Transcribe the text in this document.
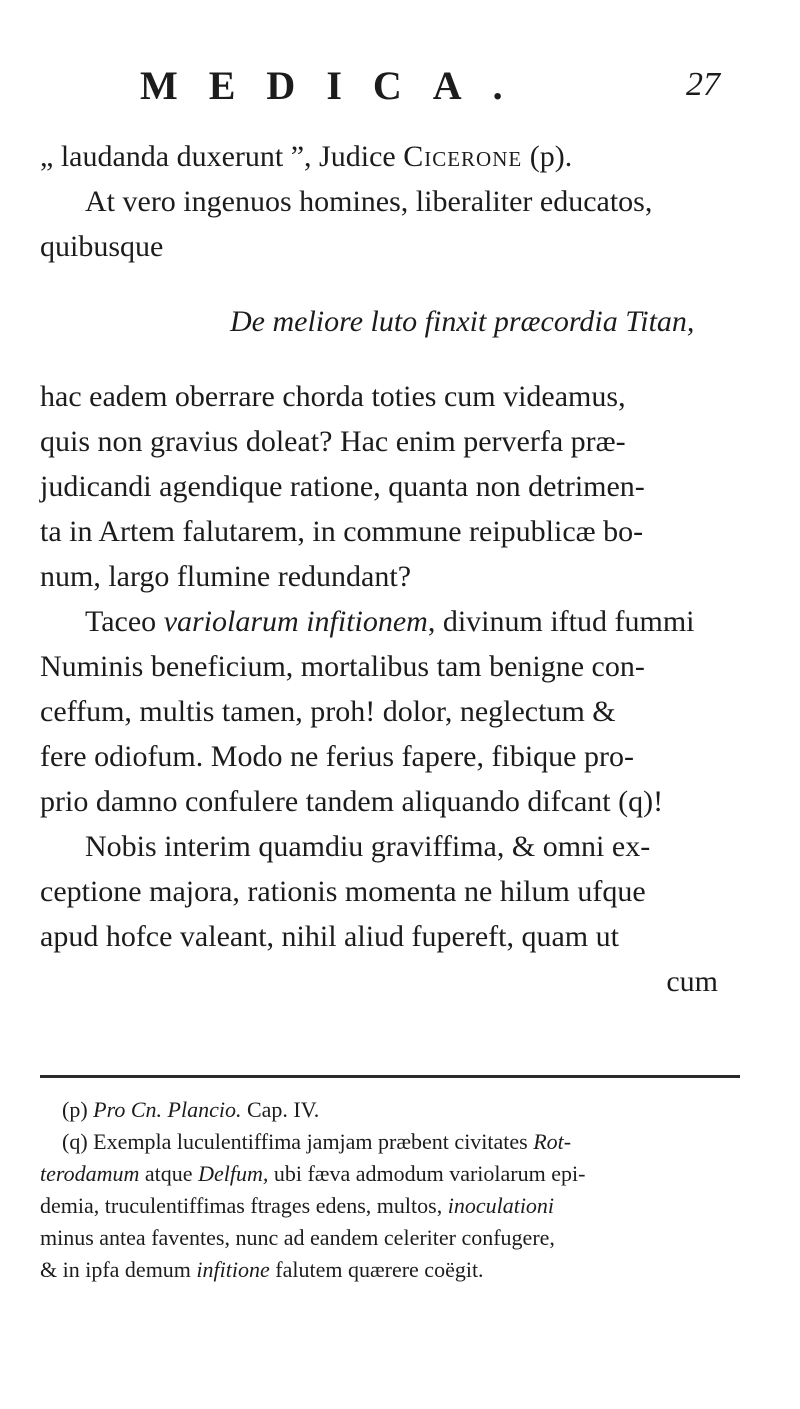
MEDICA.	27
„ laudanda duxerunt ”, Judice Cicerone (p).
At vero ingenuos homines, liberaliter educatos,
quibusque
De meliore luto finxit præcordia Titan,
hac eadem oberrare chorda toties cum videamus,
quis non gravius doleat? Hac enim perverfa præ-
judicandi agendique ratione, quanta non detrimen-
ta in Artem falutarem, in commune reipublicæ bo-
num, largo flumine redundant?
Taceo variolarum infitionem, divinum iftud fummi
Numinis beneficium, mortalibus tam benigne con-
ceffum, multis tamen, proh! dolor, neglectum &
fere odiofum. Modo ne ferius fapere, fibique pro-
prio damno confulere tandem aliquando difcant (q)!
Nobis interim quamdiu graviffima, & omni ex-
ceptione majora, rationis momenta ne hilum ufque
apud hofce valeant, nihil aliud fupereft, quam ut
cum
(p) Pro Cn. Plancio. Cap. IV.
(q) Exempla luculentiffima jamjam præbent civitates Rot-
terodamum atque Delfum, ubi fæva admodum variolarum epi-
demia, truculentiffimas ftrages edens, multos, inoculationi
minus antea faventes, nunc ad eandem celeriter confugere,
& in ipfa demum infitione falutem quærere coëgit.
